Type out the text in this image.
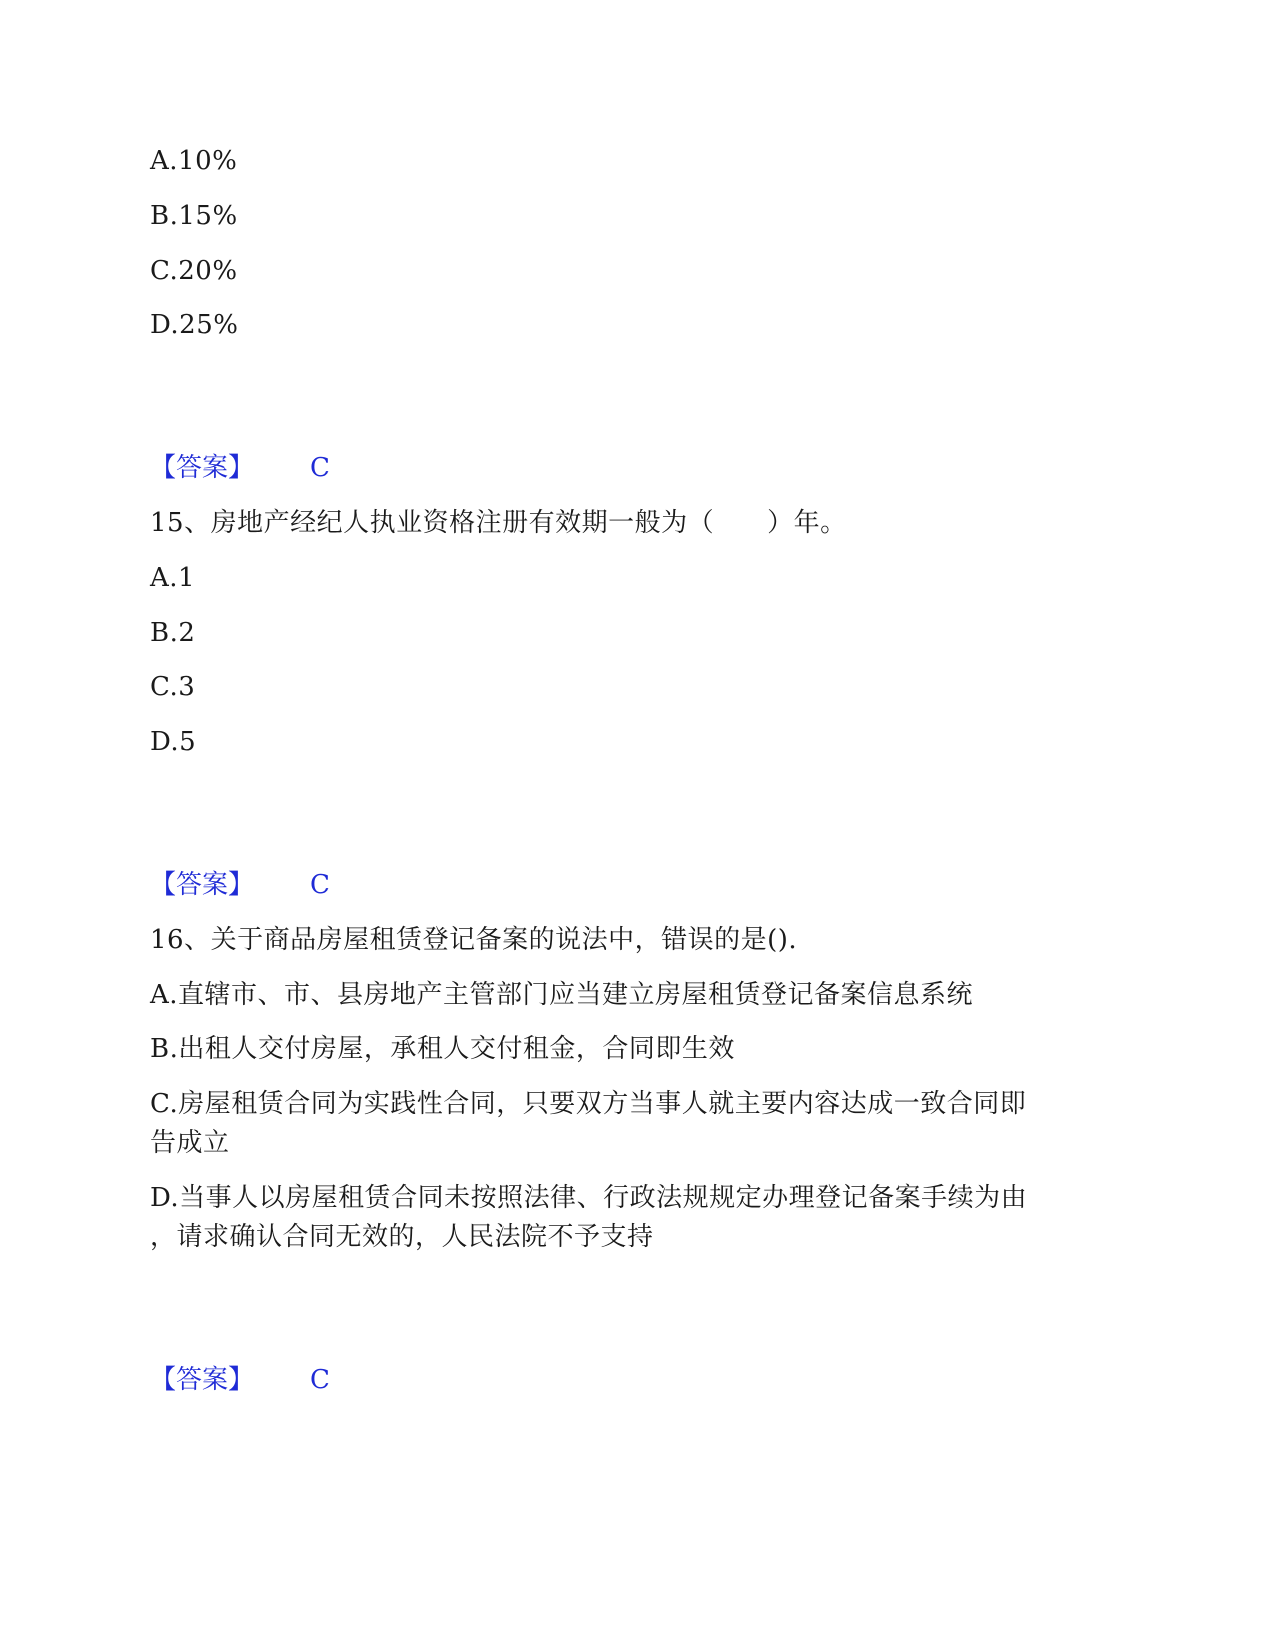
A.10%
B.15%
C.20%
D.25%
【答案】 C
15、房地产经纪人执业资格注册有效期一般为（　　）年。
A.1
B.2
C.3
D.5
【答案】 C
16、关于商品房屋租赁登记备案的说法中，错误的是().
A.直辖市、市、县房地产主管部门应当建立房屋租赁登记备案信息系统
B.出租人交付房屋，承租人交付租金，合同即生效
C.房屋租赁合同为实践性合同，只要双方当事人就主要内容达成一致合同即
告成立
D.当事人以房屋租赁合同未按照法律、行政法规规定办理登记备案手续为由
，请求确认合同无效的，人民法院不予支持
【答案】 C
